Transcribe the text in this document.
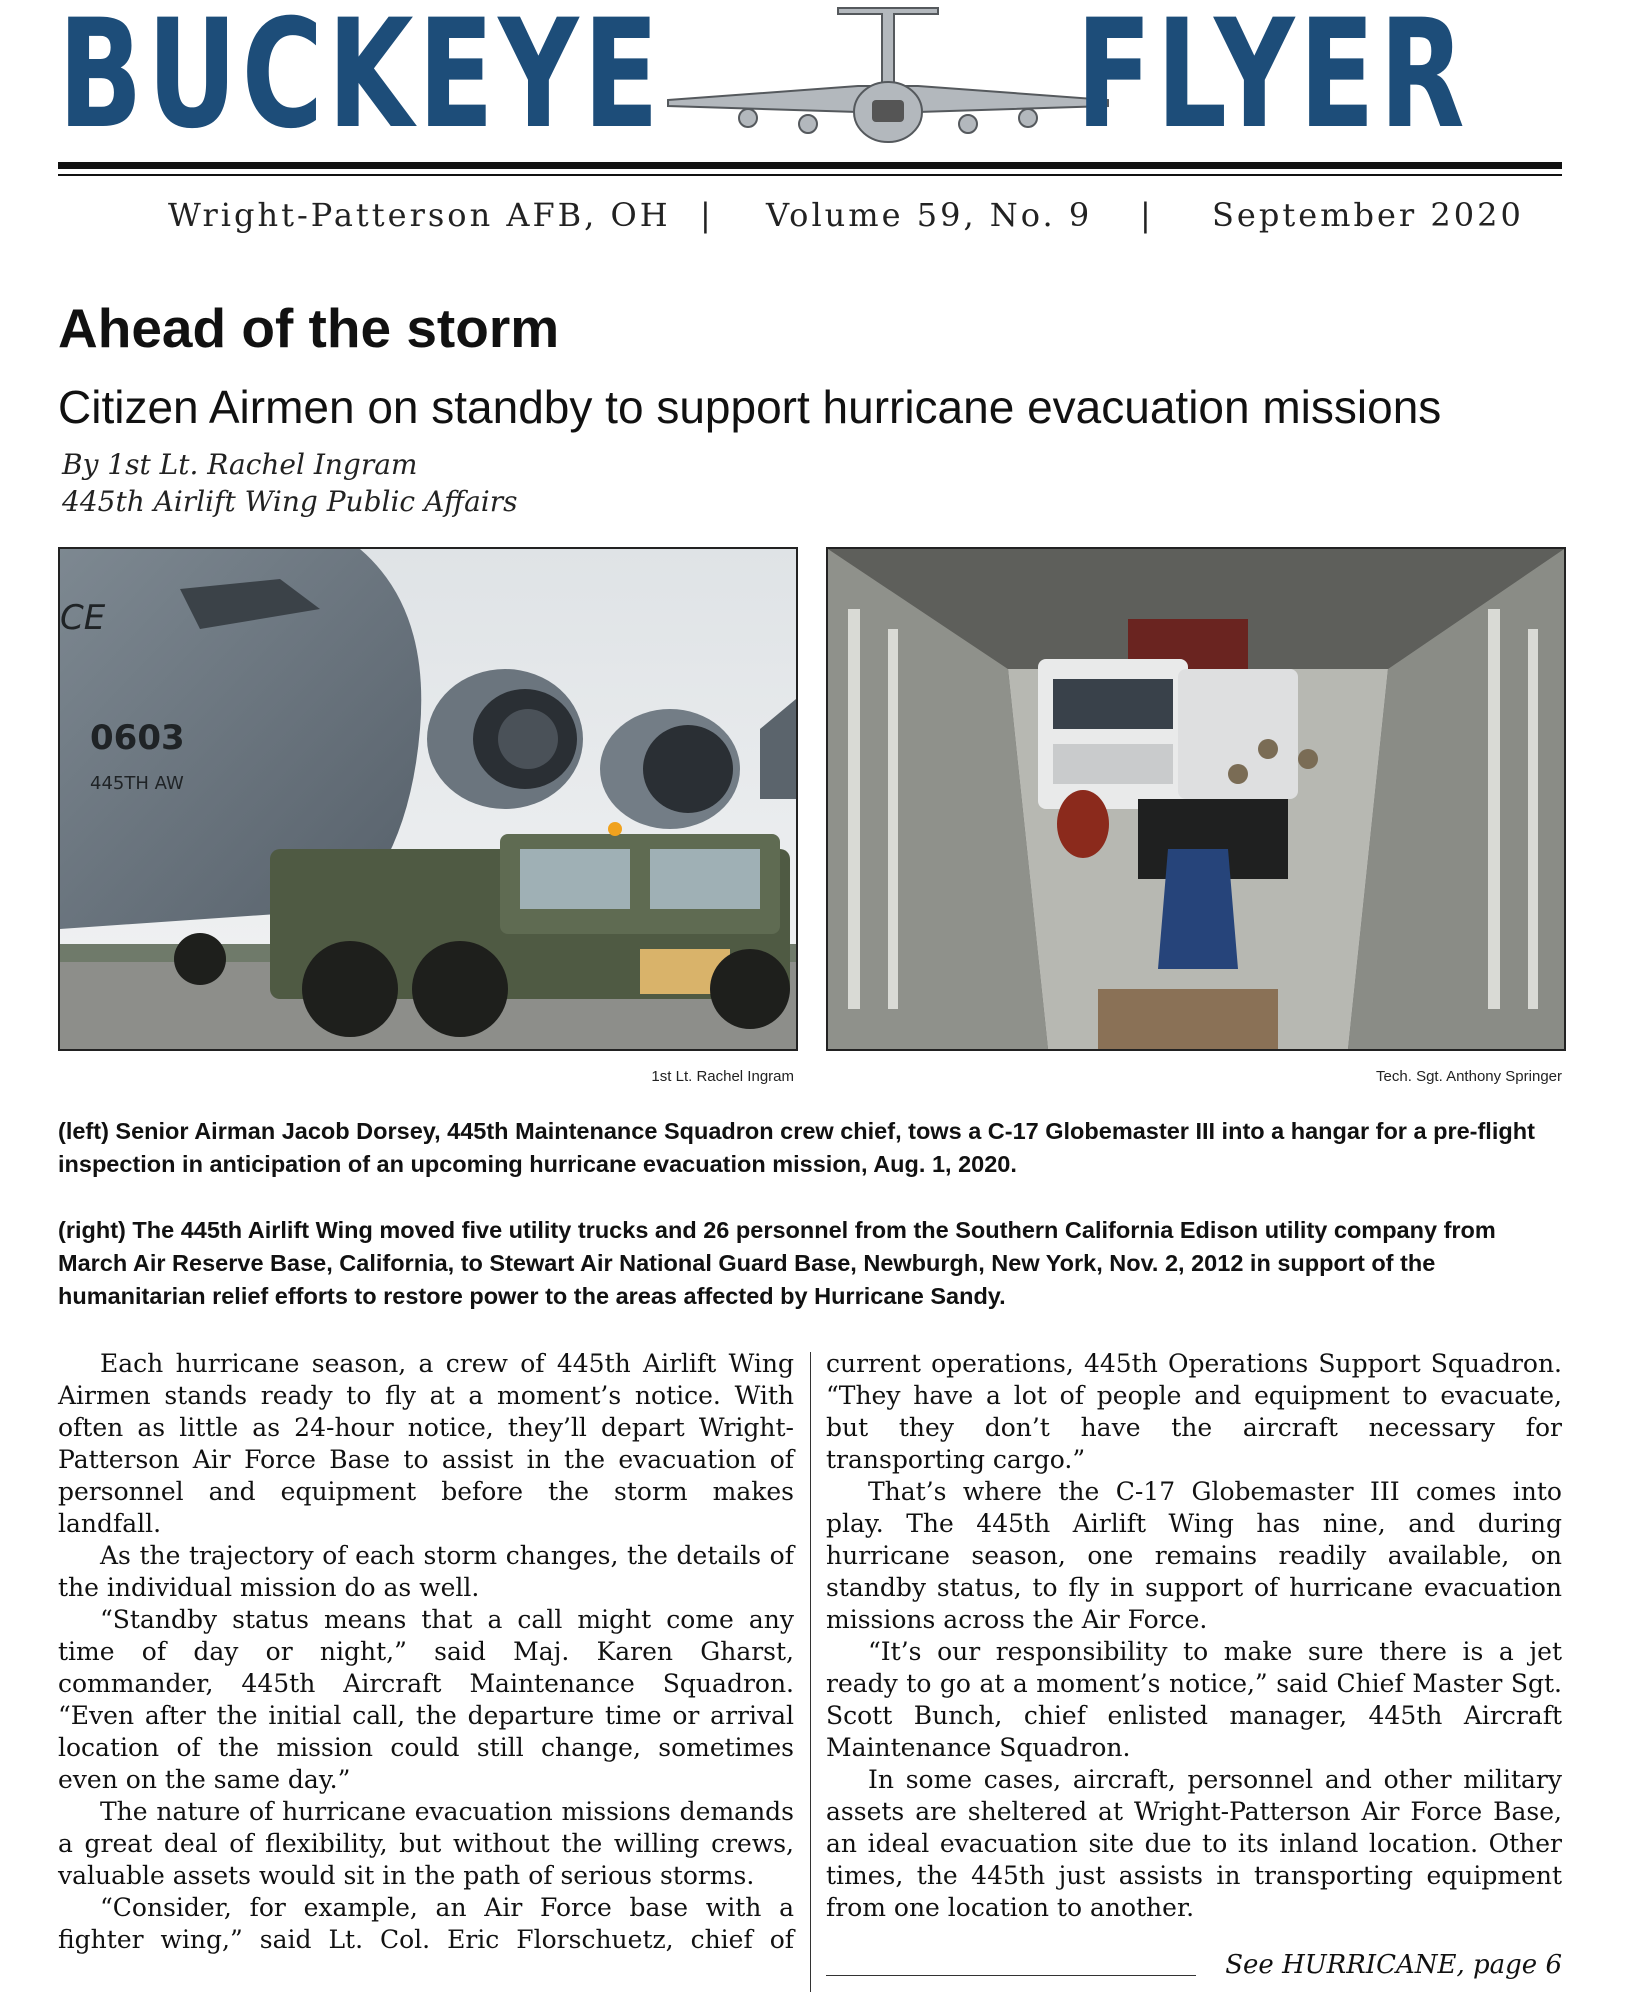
BUCKEYE	FLYER
Wright-Patterson AFB, OH | Volume 59, No. 9 | September 2020
Ahead of the storm
Citizen Airmen on standby to support hurricane evacuation missions
By 1st Lt. Rachel Ingram
445th Airlift Wing Public Affairs
0603
445TH AW
CE
1st Lt. Rachel Ingram	Tech. Sgt. Anthony Springer
(left) Senior Airman Jacob Dorsey, 445th Maintenance Squadron crew chief, tows a C-17 Globemaster III into a hangar for a pre-flight inspection in anticipation of an upcoming hurricane evacuation mission, Aug. 1, 2020.
(right) The 445th Airlift Wing moved five utility trucks and 26 personnel from the Southern California Edison utility company from March Air Reserve Base, California, to Stewart Air National Guard Base, Newburgh, New York, Nov. 2, 2012 in support of the humanitarian relief efforts to restore power to the areas affected by Hurricane Sandy.

Each hurricane season, a crew of 445th Airlift Wing Airmen stands ready to fly at a moment’s notice. With often as little as 24-hour notice, they’ll depart Wright-Patterson Air Force Base to assist in the evacuation of personnel and equipment before the storm makes landfall.

As the trajectory of each storm changes, the details of the individual mission do as well.

“Standby status means that a call might come any time of day or night,” said Maj. Karen Gharst, commander, 445th Aircraft Maintenance Squadron. “Even after the initial call, the departure time or arrival location of the mission could still change, sometimes even on the same day.”

The nature of hurricane evacuation missions demands a great deal of flexibility, but without the willing crews, valuable assets would sit in the path of serious storms.

“Consider, for example, an Air Force base with a fighter wing,” said Lt. Col. Eric Florschuetz, chief of

current operations, 445th Operations Support Squadron. “They have a lot of people and equipment to evacuate, but they don’t have the aircraft necessary for transporting cargo.”

That’s where the C-17 Globemaster III comes into play. The 445th Airlift Wing has nine, and during hurricane season, one remains readily available, on standby status, to fly in support of hurricane evacuation missions across the Air Force.

“It’s our responsibility to make sure there is a jet ready to go at a moment’s notice,” said Chief Master Sgt. Scott Bunch, chief enlisted manager, 445th Aircraft Maintenance Squadron.

In some cases, aircraft, personnel and other military assets are sheltered at Wright-Patterson Air Force Base, an ideal evacuation site due to its inland location. Other times, the 445th just assists in transporting equipment from one location to another.

See HURRICANE, page 6
